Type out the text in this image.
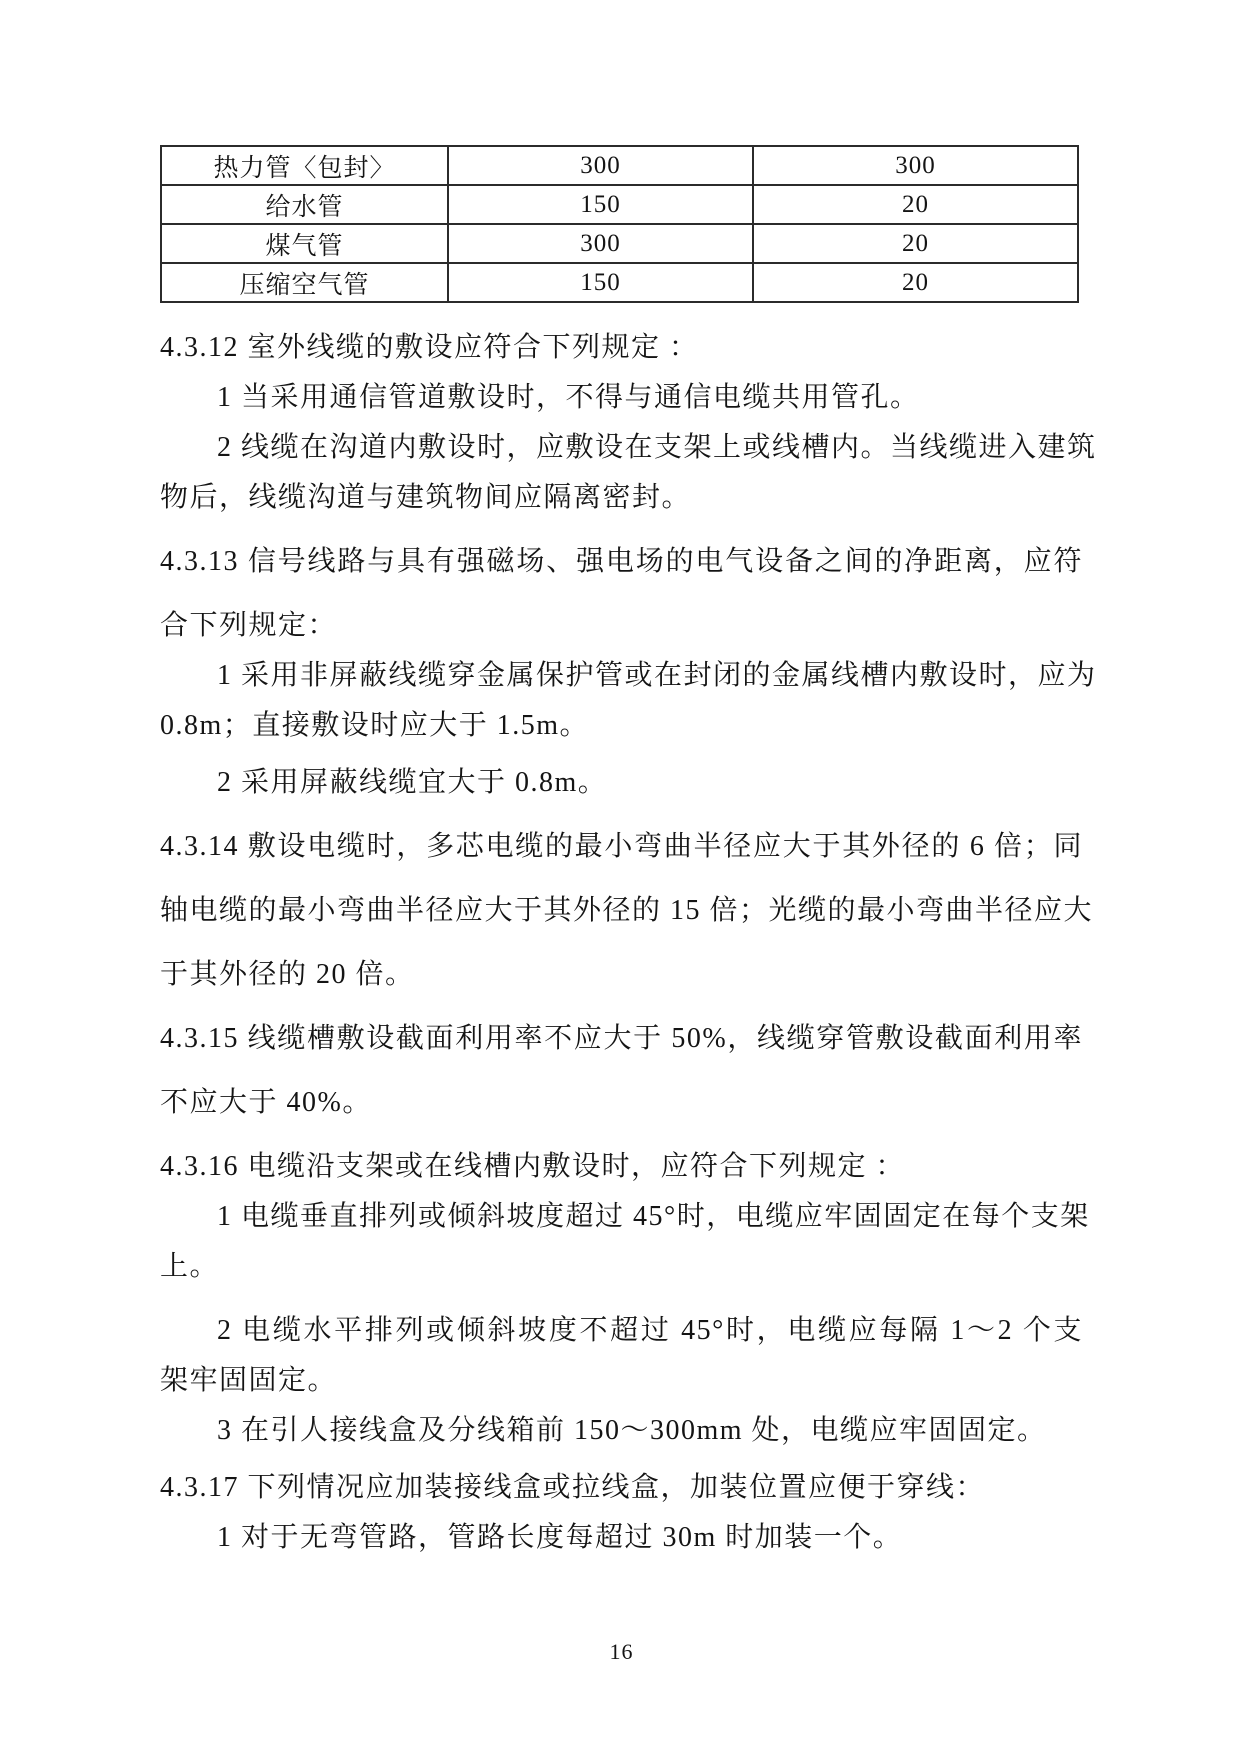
热力管〈包封〉	300	300
给水管	150	20
煤气管	300	20
压缩空气管	150	20
4.3.12 室外线缆的敷设应符合下列规定 ：
1 当采用通信管道敷设时，不得与通信电缆共用管孔。
2 线缆在沟道内敷设时，应敷设在支架上或线槽内。当线缆进入建筑
物后，线缆沟道与建筑物间应隔离密封。
4.3.13 信号线路与具有强磁场、强电场的电气设备之间的净距离，应符
合下列规定：
1 采用非屏蔽线缆穿金属保护管或在封闭的金属线槽内敷设时，应为
0.8m；直接敷设时应大于 1.5m。
2 采用屏蔽线缆宜大于 0.8m。
4.3.14 敷设电缆时，多芯电缆的最小弯曲半径应大于其外径的 6 倍；同
轴电缆的最小弯曲半径应大于其外径的 15 倍；光缆的最小弯曲半径应大
于其外径的 20 倍。
4.3.15 线缆槽敷设截面利用率不应大于 50%，线缆穿管敷设截面利用率
不应大于 40%。
4.3.16 电缆沿支架或在线槽内敷设时，应符合下列规定 ：
1 电缆垂直排列或倾斜坡度超过 45°时，电缆应牢固固定在每个支架
上。
2 电缆水平排列或倾斜坡度不超过 45°时，电缆应每隔 1～2 个支
架牢固固定。
3 在引人接线盒及分线箱前 150～300mm 处，电缆应牢固固定。
4.3.17 下列情况应加装接线盒或拉线盒，加装位置应便于穿线：
1 对于无弯管路，管路长度每超过 30m 时加装一个。
16
